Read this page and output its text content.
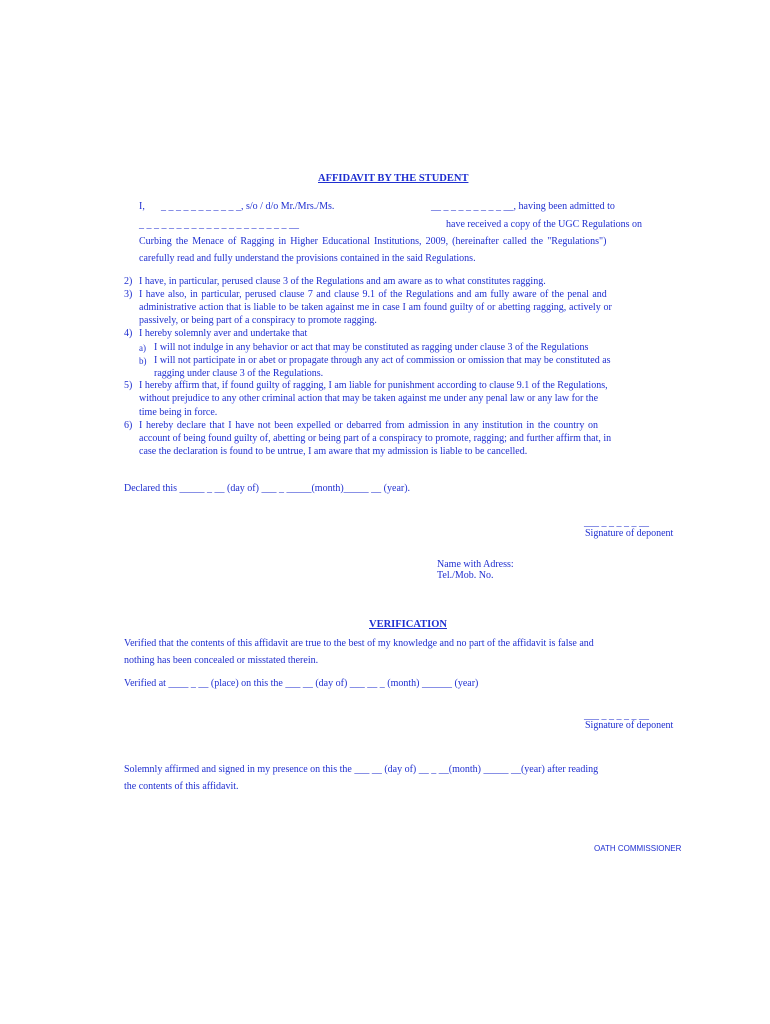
AFFIDAVIT BY THE STUDENT
I, _ _ _ _ _ _ _ _ _ _ _, s/o / d/o Mr./Mrs./Ms.	__ _ _ _ _ _ _ _ _ __, having been admitted to
_ _ _ _ _ _ _ _ _ _ _ _ _ _ _ _ _ _ _ _ __	have received a copy of the UGC Regulations on
Curbing the Menace of Ragging in Higher Educational Institutions, 2009, (hereinafter called the "Regulations")
carefully read and fully understand the provisions contained in the said Regulations.
2) I have, in particular, perused clause 3 of the Regulations and am aware as to what constitutes ragging.
3) I have also, in particular, perused clause 7 and clause 9.1 of the Regulations and am fully aware of the penal and
administrative action that is liable to be taken against me in case I am found guilty of or abetting ragging, actively or
passively, or being part of a conspiracy to promote ragging.
4) I hereby solemnly aver and undertake that
a) I will not indulge in any behavior or act that may be constituted as ragging under clause 3 of the Regulations
b) I will not participate in or abet or propagate through any act of commission or omission that may be constituted as
ragging under clause 3 of the Regulations.
5) I hereby affirm that, if found guilty of ragging, I am liable for punishment according to clause 9.1 of the Regulations,
without prejudice to any other criminal action that may be taken against me under any penal law or any law for the
time being in force.
6) I hereby declare that I have not been expelled or debarred from admission in any institution in the country on
account of being found guilty of, abetting or being part of a conspiracy to promote, ragging; and further affirm that, in
case the declaration is found to be untrue, I am aware that my admission is liable to be cancelled.
Declared this _____ _ __ (day of) ___ _ _____(month)_____ __ (year).
___ _ _ _ _ _ __
Signature of deponent
Name with Adress:
Tel./Mob. No.
VERIFICATION
Verified that the contents of this affidavit are true to the best of my knowledge and no part of the affidavit is false and
nothing has been concealed or misstated therein.
Verified at ____ _ __ (place) on this the ___ __ (day of) ___ __ _ (month) ______ (year)
___ _ _ _ _ _ __
Signature of deponent
Solemnly affirmed and signed in my presence on this the ___ __ (day of) __ _ __(month) _____ __(year) after reading
the contents of this affidavit.
OATH COMMISSIONER
